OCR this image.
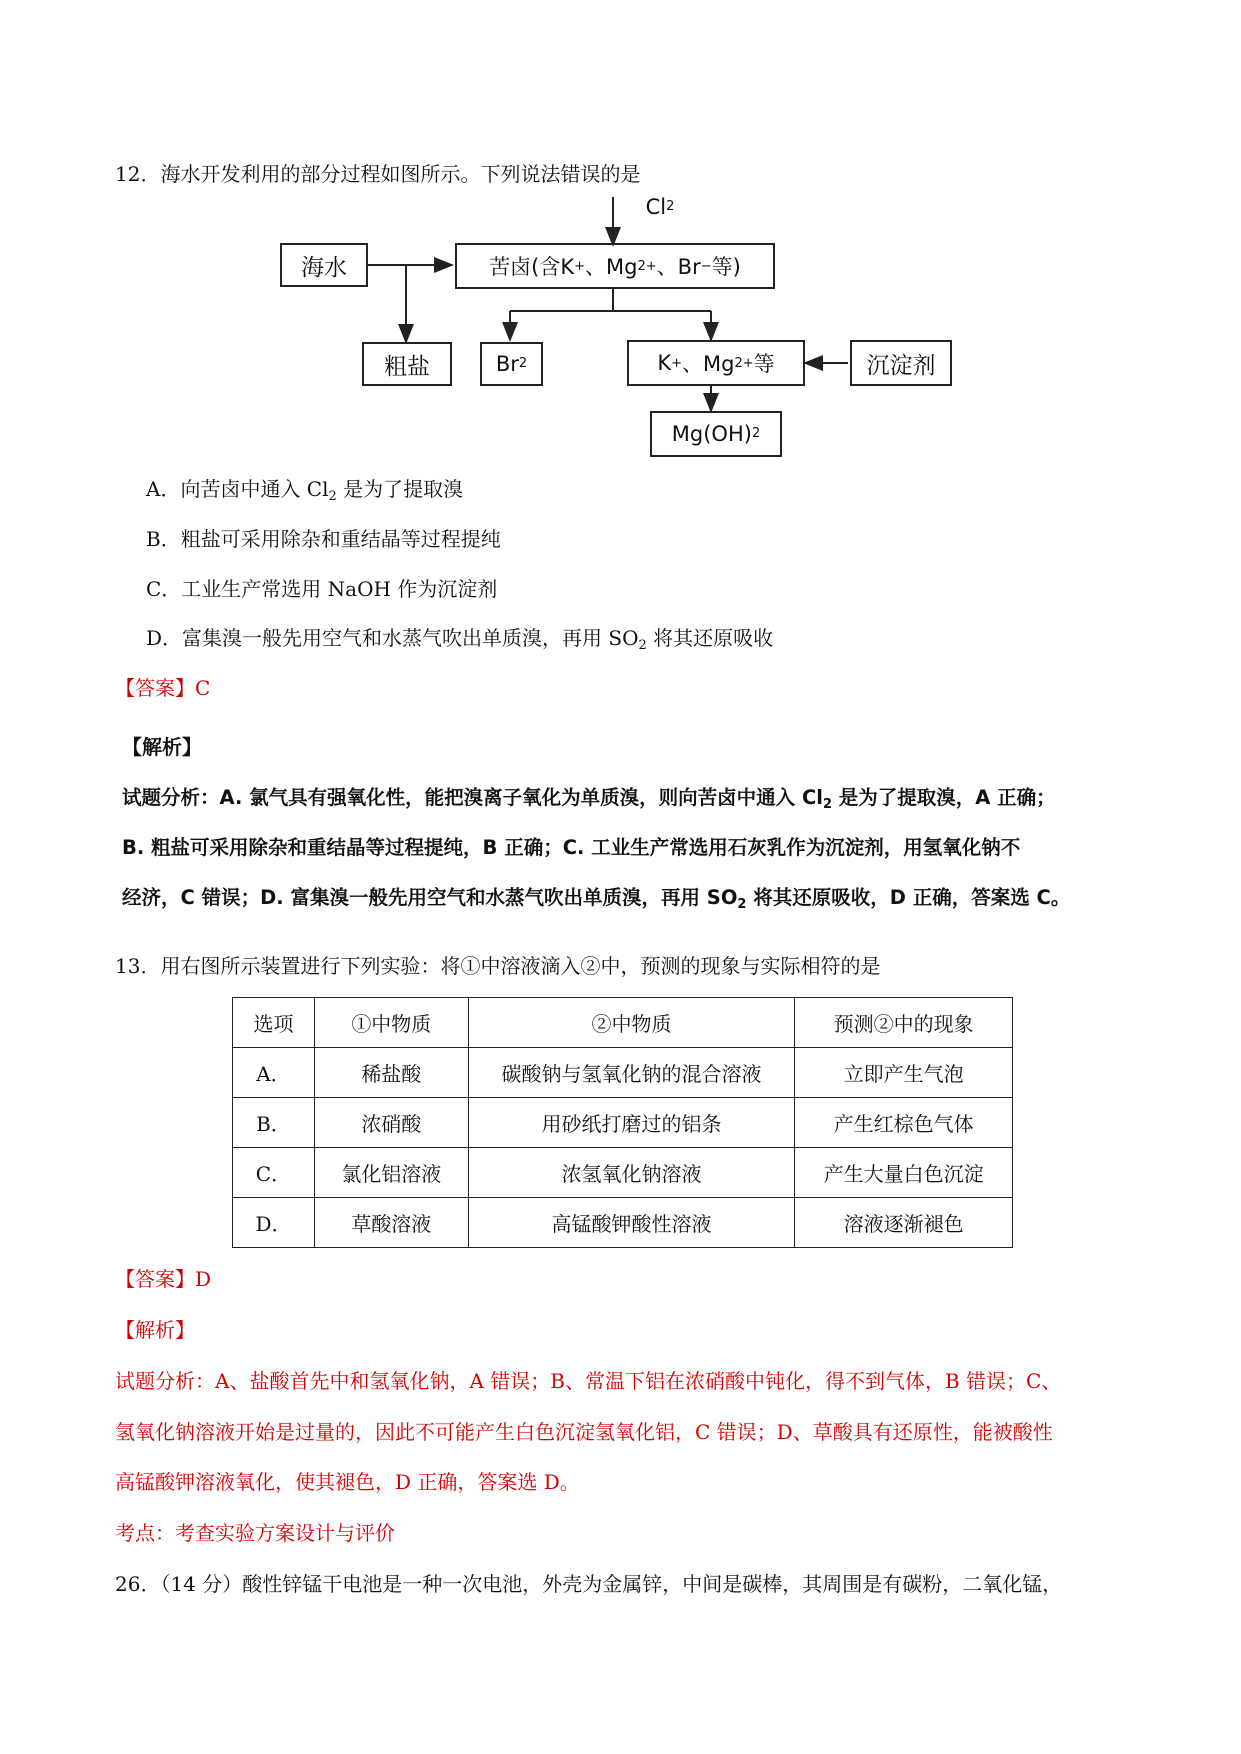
12．海水开发利用的部分过程如图所示。下列说法错误的是
Cl 2
海水	苦卤(含K + 、Mg 2+ 、Br − 等)
粗盐	Br 2	K + 、Mg 2+ 等	沉淀剂
Mg(OH) 2
A．向苦卤中通入 $Cl_2$ 是为了提取溴
B．粗盐可采用除杂和重结晶等过程提纯
C．工业生产常选用 NaOH 作为沉淀剂
D．富集溴一般先用空气和水蒸气吹出单质溴，再用 $SO_2$ 将其还原吸收
【答案】C
【解析】
试题分析：A. 氯气具有强氧化性，能把溴离子氧化为单质溴，则向苦卤中通入 $Cl_2$ 是为了提取溴，A 正确；
B. 粗盐可采用除杂和重结晶等过程提纯，B 正确；C. 工业生产常选用石灰乳作为沉淀剂，用氢氧化钠不
经济，C 错误；D. 富集溴一般先用空气和水蒸气吹出单质溴，再用 $SO_2$ 将其还原吸收，D 正确，答案选 C。
13．用右图所示装置进行下列实验：将①中溶液滴入②中，预测的现象与实际相符的是
选项	①中物质	②中物质	预测②中的现象
A．	稀盐酸	碳酸钠与氢氧化钠的混合溶液	立即产生气泡
B．	浓硝酸	用砂纸打磨过的铝条	产生红棕色气体
C．	氯化铝溶液	浓氢氧化钠溶液	产生大量白色沉淀
D．	草酸溶液	高锰酸钾酸性溶液	溶液逐渐褪色
【答案】D
【解析】
试题分析：A、盐酸首先中和氢氧化钠，A 错误；B、常温下铝在浓硝酸中钝化，得不到气体，B 错误；C、
氢氧化钠溶液开始是过量的，因此不可能产生白色沉淀氢氧化铝，C 错误；D、草酸具有还原性，能被酸性
高锰酸钾溶液氧化，使其褪色，D 正确，答案选 D。
考点：考查实验方案设计与评价
26．（14 分）酸性锌锰干电池是一种一次电池，外壳为金属锌，中间是碳棒，其周围是有碳粉，二氧化锰，
